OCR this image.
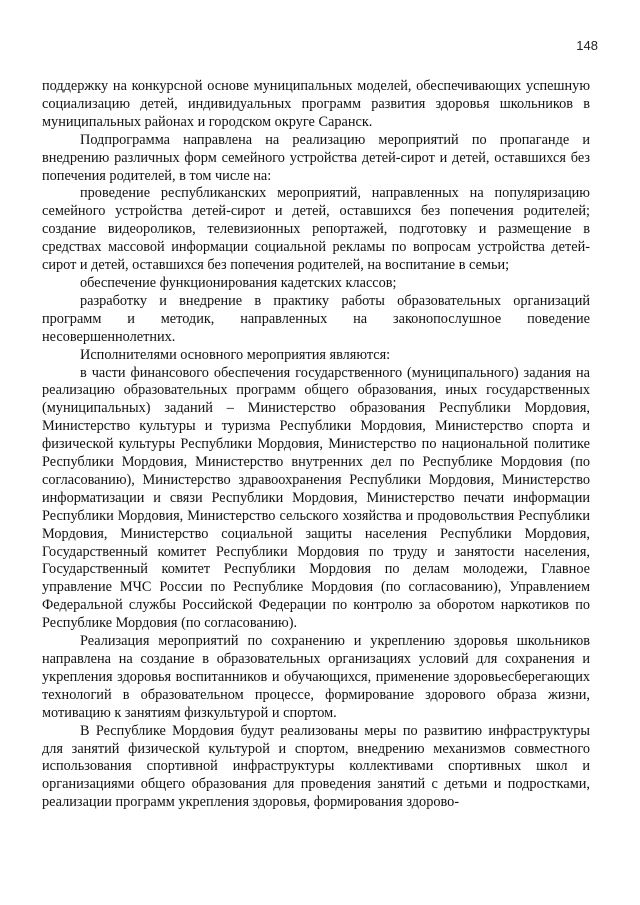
148

поддержку на конкурсной основе муниципальных моделей, обеспечивающих успешную социализацию детей, индивидуальных программ развития здоровья школьников в муниципальных районах и городском округе Саранск.

Подпрограмма направлена на реализацию мероприятий по пропаганде и внедрению различных форм семейного устройства детей-сирот и детей, оставшихся без попечения родителей, в том числе на:

проведение республиканских мероприятий, направленных на популяризацию семейного устройства детей-сирот и детей, оставшихся без попечения родителей; создание видеороликов, телевизионных репортажей, подготовку и размещение в средствах массовой информации социальной рекламы по вопросам устройства детей-сирот и детей, оставшихся без попечения родителей, на воспитание в семьи;

обеспечение функционирования кадетских классов;

разработку и внедрение в практику работы образовательных организаций программ и методик, направленных на законопослушное поведение несовершеннолетних.

Исполнителями основного мероприятия являются:

в части финансового обеспечения государственного (муниципального) задания на реализацию образовательных программ общего образования, иных государственных (муниципальных) заданий – Министерство образования Республики Мордовия, Министерство культуры и туризма Республики Мордовия, Министерство спорта и физической культуры Республики Мордовия, Министерство по национальной политике Республики Мордовия, Министерство внутренних дел по Республике Мордовия (по согласованию), Министерство здравоохранения Республики Мордовия, Министерство информатизации и связи Республики Мордовия, Министерство печати информации Республики Мордовия, Министерство сельского хозяйства и продовольствия Республики Мордовия, Министерство социальной защиты населения Республики Мордовия, Государственный комитет Республики Мордовия по труду и занятости населения, Государственный комитет Республики Мордовия по делам молодежи, Главное управление МЧС России по Республике Мордовия (по согласованию), Управлением Федеральной службы Российской Федерации по контролю за оборотом наркотиков по Республике Мордовия (по согласованию).

Реализация мероприятий по сохранению и укреплению здоровья школьников направлена на создание в образовательных организациях условий для сохранения и укрепления здоровья воспитанников и обучающихся, применение здоровьесберегающих технологий в образовательном процессе, формирование здорового образа жизни, мотивацию к занятиям физкультурой и спортом.

В Республике Мордовия будут реализованы меры по развитию инфраструктуры для занятий физической культурой и спортом, внедрению механизмов совместного использования спортивной инфраструктуры коллективами спортивных школ и организациями общего образования для проведения занятий с детьми и подростками, реализации программ укрепления здоровья, формирования здорово-
